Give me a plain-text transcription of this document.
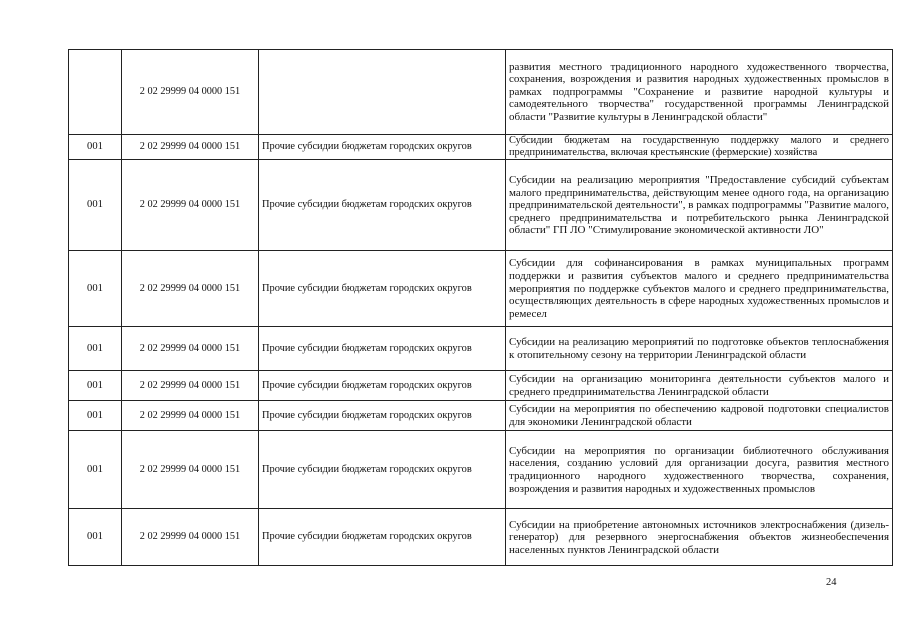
	2 02 29999 04 0000 151		развития местного традиционного народного художественного творчества, сохранения, возрождения и развития народных художественных промыслов в рамках подпрограммы "Сохранение и развитие народной культуры и самодеятельного творчества" государственной программы Ленинградской области "Развитие культуры в Ленинградской области"
001	2 02 29999 04 0000 151	Прочие субсидии бюджетам городских округов	Субсидии бюджетам на государственную поддержку малого и среднего предпринимательства, включая крестьянские (фермерские) хозяйства
001	2 02 29999 04 0000 151	Прочие субсидии бюджетам городских округов	Субсидии на реализацию мероприятия "Предоставление субсидий субъектам малого предпринимательства, действующим менее одного года, на организацию предпринимательской деятельности", в рамках подпрограммы "Развитие малого, среднего предпринимательства и потребительского рынка Ленинградской области" ГП ЛО "Стимулирование экономической активности ЛО"
001	2 02 29999 04 0000 151	Прочие субсидии бюджетам городских округов	Субсидии для софинансирования в рамках муниципальных программ поддержки и развития субъектов малого и среднего предпринимательства мероприятия по поддержке субъектов малого и среднего предпринимательства, осуществляющих деятельность в сфере народных художественных промыслов и ремесел
001	2 02 29999 04 0000 151	Прочие субсидии бюджетам городских округов	Субсидии на реализацию мероприятий по подготовке объектов теплоснабжения к отопительному сезону на территории Ленинградской области
001	2 02 29999 04 0000 151	Прочие субсидии бюджетам городских округов	Субсидии на организацию мониторинга деятельности субъектов малого и среднего предпринимательства Ленинградской области
001	2 02 29999 04 0000 151	Прочие субсидии бюджетам городских округов	Субсидии на мероприятия по обеспечению кадровой подготовки специалистов для экономики Ленинградской области
001	2 02 29999 04 0000 151	Прочие субсидии бюджетам городских округов	Субсидии на мероприятия по организации библиотечного обслуживания населения, созданию условий для организации досуга, развития местного традиционного народного художественного творчества, сохранения, возрождения и развития народных и художественных промыслов
001	2 02 29999 04 0000 151	Прочие субсидии бюджетам городских округов	Субсидии на приобретение автономных источников электроснабжения (дизель-генератор) для резервного энергоснабжения объектов жизнеобеспечения населенных пунктов Ленинградской области
24
